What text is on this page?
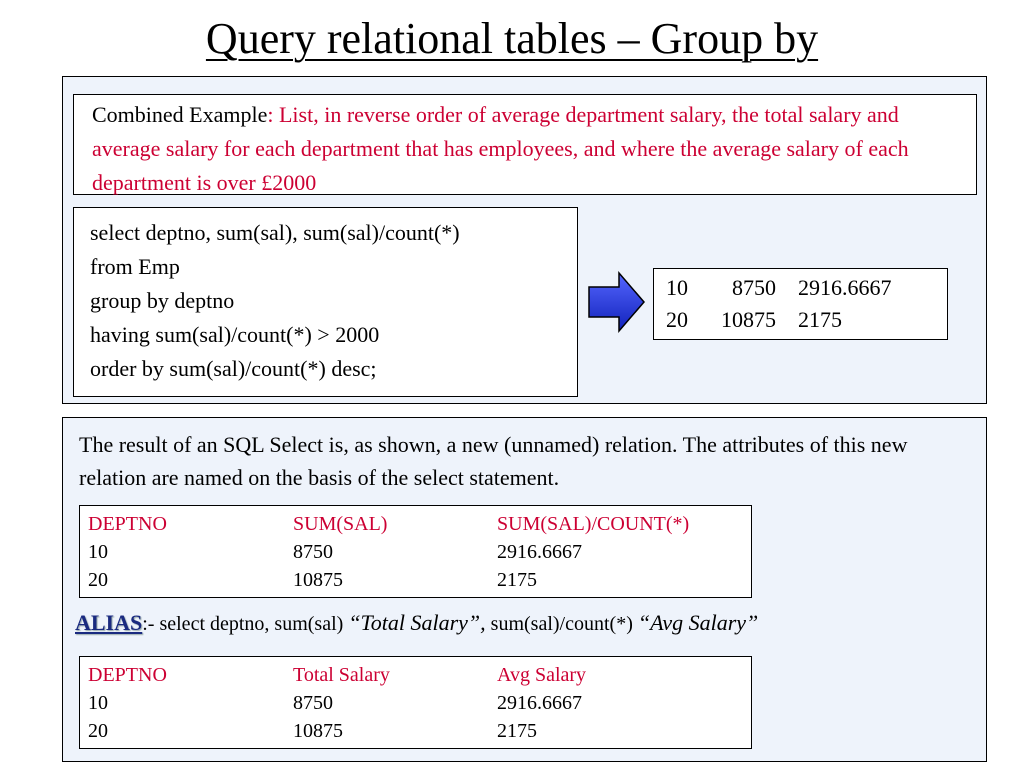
Query relational tables – Group by
Combined Example: List, in reverse order of average department salary, the total salary and average salary for each department that has employees, and where the average salary of each department is over £2000
select deptno, sum(sal), sum(sal)/count(*)
from Emp
group by deptno
having sum(sal)/count(*) > 2000
order by sum(sal)/count(*) desc;
10	8750	2916.6667
20	10875	2175
The result of an SQL Select is, as shown, a new (unnamed) relation. The attributes of this new relation are named on the basis of the select statement.
DEPTNO	SUM(SAL)	SUM(SAL)/COUNT(*)
10	8750	2916.6667
20	10875	2175
ALIAS:- select deptno, sum(sal) “Total Salary”, sum(sal)/count(*) “Avg Salary”
DEPTNO	Total Salary	Avg Salary
10	8750	2916.6667
20	10875	2175
